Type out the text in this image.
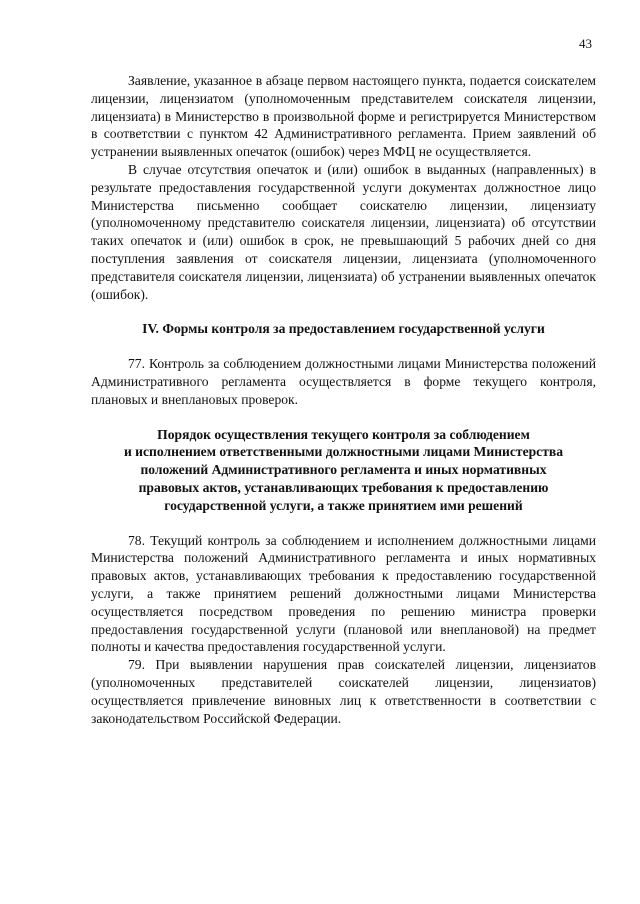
43

Заявление, указанное в абзаце первом настоящего пункта, подается соискателем лицензии, лицензиатом (уполномоченным представителем соискателя лицензии, лицензиата) в Министерство в произвольной форме и регистрируется Министерством в соответствии с пунктом 42 Административного регламента. Прием заявлений об устранении выявленных опечаток (ошибок) через МФЦ не осуществляется.

В случае отсутствия опечаток и (или) ошибок в выданных (направленных) в результате предоставления государственной услуги документах должностное лицо Министерства письменно сообщает соискателю лицензии, лицензиату (уполномоченному представителю соискателя лицензии, лицензиата) об отсутствии таких опечаток и (или) ошибок в срок, не превышающий 5 рабочих дней со дня поступления заявления от соискателя лицензии, лицензиата (уполномоченного представителя соискателя лицензии, лицензиата) об устранении выявленных опечаток (ошибок).

IV. Формы контроля за предоставлением государственной услуги

77. Контроль за соблюдением должностными лицами Министерства положений Административного регламента осуществляется в форме текущего контроля, плановых и внеплановых проверок.

Порядок осуществления текущего контроля за соблюдением
и исполнением ответственными должностными лицами Министерства
положений Административного регламента и иных нормативных
правовых актов, устанавливающих требования к предоставлению
государственной услуги, а также принятием ими решений

78. Текущий контроль за соблюдением и исполнением должностными лицами Министерства положений Административного регламента и иных нормативных правовых актов, устанавливающих требования к предоставлению государственной услуги, а также принятием решений должностными лицами Министерства осуществляется посредством проведения по решению министра проверки предоставления государственной услуги (плановой или внеплановой) на предмет полноты и качества предоставления государственной услуги.

79. При выявлении нарушения прав соискателей лицензии, лицензиатов (уполномоченных представителей соискателей лицензии, лицензиатов) осуществляется привлечение виновных лиц к ответственности в соответствии с законодательством Российской Федерации.
